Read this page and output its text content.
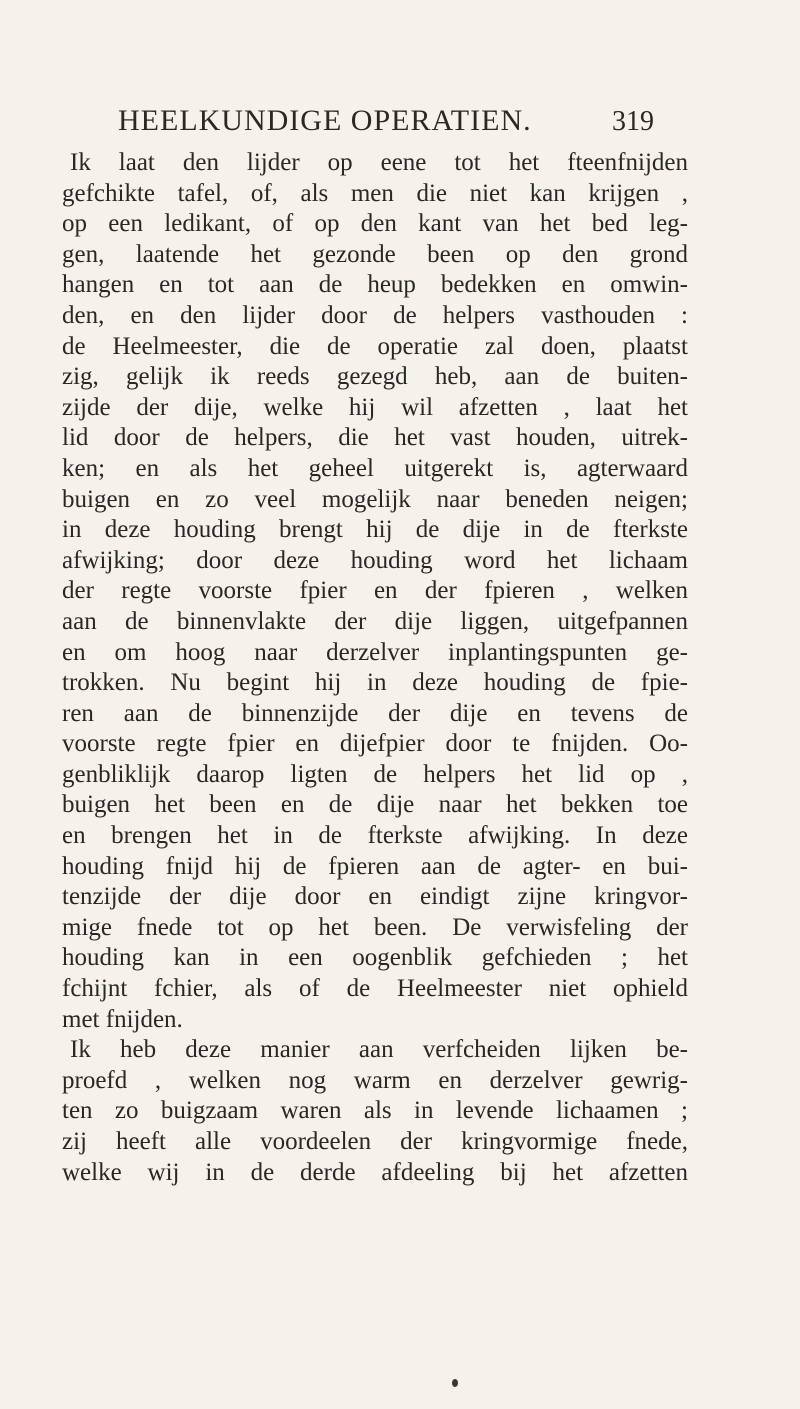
HEELKUNDIGE OPERATIEN.	319
Ik laat den lijder op eene tot het fteenfnijden
gefchikte tafel, of, als men die niet kan krijgen ,
op een ledikant, of op den kant van het bed leg-
gen, laatende het gezonde been op den grond
hangen en tot aan de heup bedekken en omwin-
den, en den lijder door de helpers vasthouden :
de Heelmeester, die de operatie zal doen, plaatst
zig, gelijk ik reeds gezegd heb, aan de buiten-
zijde der dije, welke hij wil afzetten , laat het
lid door de helpers, die het vast houden, uitrek-
ken; en als het geheel uitgerekt is, agterwaard
buigen en zo veel mogelijk naar beneden neigen;
in deze houding brengt hij de dije in de fterkste
afwijking; door deze houding word het lichaam
der regte voorste fpier en der fpieren , welken
aan de binnenvlakte der dije liggen, uitgefpannen
en om hoog naar derzelver inplantingspunten ge-
trokken. Nu begint hij in deze houding de fpie-
ren aan de binnenzijde der dije en tevens de
voorste regte fpier en dijefpier door te fnijden. Oo-
genbliklijk daarop ligten de helpers het lid op ,
buigen het been en de dije naar het bekken toe
en brengen het in de fterkste afwijking. In deze
houding fnijd hij de fpieren aan de agter- en bui-
tenzijde der dije door en eindigt zijne kringvor-
mige fnede tot op het been. De verwisfeling der
houding kan in een oogenblik gefchieden ; het
fchijnt fchier, als of de Heelmeester niet ophield
met fnijden.
Ik heb deze manier aan verfcheiden lijken be-
proefd , welken nog warm en derzelver gewrig-
ten zo buigzaam waren als in levende lichaamen ;
zij heeft alle voordeelen der kringvormige fnede,
welke wij in de derde afdeeling bij het afzetten
